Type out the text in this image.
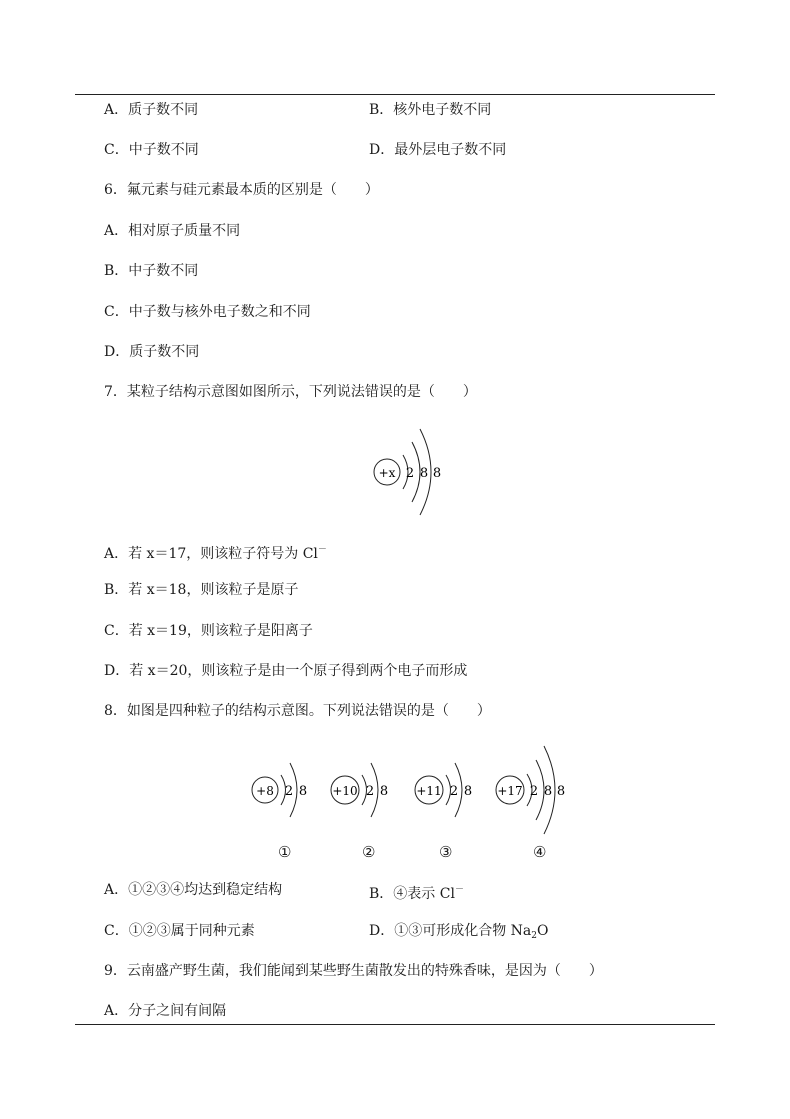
A．质子数不同	B．核外电子数不同
C．中子数不同	D．最外层电子数不同
6．氟元素与硅元素最本质的区别是（　　）
A．相对原子质量不同
B．中子数不同
C．中子数与核外电子数之和不同
D．质子数不同
7．某粒子结构示意图如图所示，下列说法错误的是（　　）
+x 2 8 8
A．若 x＝17，则该粒子符号为 Cl－
B．若 x＝18，则该粒子是原子
C．若 x＝19，则该粒子是阳离子
D．若 x＝20，则该粒子是由一个原子得到两个电子而形成
8．如图是四种粒子的结构示意图。下列说法错误的是（　　）
+8 2 8 +10 2 8 +11 2 8 +17 2 8 8
①	②	③	④
A．①②③④均达到稳定结构	B．④表示 Cl－
C．①②③属于同种元素	D．①③可形成化合物 $Na_2O$
9．云南盛产野生菌，我们能闻到某些野生菌散发出的特殊香味，是因为（　　）
A．分子之间有间隔
